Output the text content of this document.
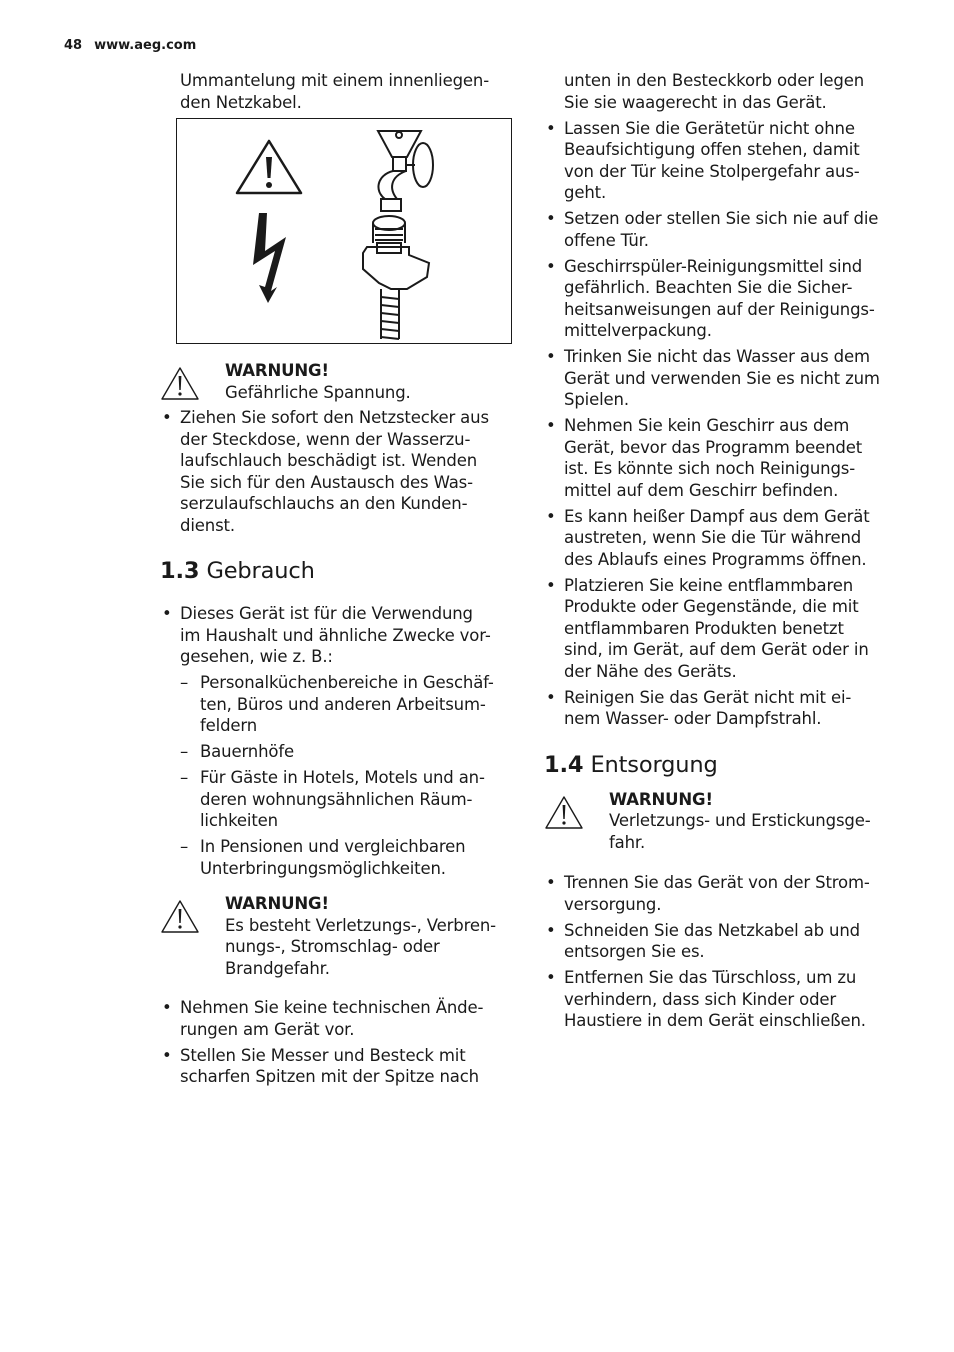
48 www.aeg.com

Ummantelung mit einem innenliegen-
den Netzkabel.

WARNUNG!
Gefährliche Spannung.

• Ziehen Sie sofort den Netzstecker aus
der Steckdose, wenn der Wasserzu-
laufschlauch beschädigt ist. Wenden
Sie sich für den Austausch des Was-
serzulaufschlauchs an den Kunden-
dienst.
1.3 Gebrauch
• Dieses Gerät ist für die Verwendung
im Haushalt und ähnliche Zwecke vor-
gesehen, wie z. B.:
– Personalküchenbereiche in Geschäf-
ten, Büros und anderen Arbeitsum-
feldern
– Bauernhöfe
– Für Gäste in Hotels, Motels und an-
deren wohnungsähnlichen Räum-
lichkeiten
– In Pensionen und vergleichbaren
Unterbringungsmöglichkeiten.

WARNUNG!
Es besteht Verletzungs-, Verbren-
nungs-, Stromschlag- oder
Brandgefahr.

• Nehmen Sie keine technischen Ände-
rungen am Gerät vor.
• Stellen Sie Messer und Besteck mit
scharfen Spitzen mit der Spitze nach

unten in den Besteckkorb oder legen
Sie sie waagerecht in das Gerät.

• Lassen Sie die Gerätetür nicht ohne
Beaufsichtigung offen stehen, damit
von der Tür keine Stolpergefahr aus-
geht.
• Setzen oder stellen Sie sich nie auf die
offene Tür.
• Geschirrspüler-Reinigungsmittel sind
gefährlich. Beachten Sie die Sicher-
heitsanweisungen auf der Reinigungs-
mittelverpackung.
• Trinken Sie nicht das Wasser aus dem
Gerät und verwenden Sie es nicht zum
Spielen.
• Nehmen Sie kein Geschirr aus dem
Gerät, bevor das Programm beendet
ist. Es könnte sich noch Reinigungs-
mittel auf dem Geschirr befinden.
• Es kann heißer Dampf aus dem Gerät
austreten, wenn Sie die Tür während
des Ablaufs eines Programms öffnen.
• Platzieren Sie keine entflammbaren
Produkte oder Gegenstände, die mit
entflammbaren Produkten benetzt
sind, im Gerät, auf dem Gerät oder in
der Nähe des Geräts.
• Reinigen Sie das Gerät nicht mit ei-
nem Wasser- oder Dampfstrahl.
1.4 Entsorgung

WARNUNG!
Verletzungs- und Erstickungsge-
fahr.

• Trennen Sie das Gerät von der Strom-
versorgung.
• Schneiden Sie das Netzkabel ab und
entsorgen Sie es.
• Entfernen Sie das Türschloss, um zu
verhindern, dass sich Kinder oder
Haustiere in dem Gerät einschließen.
